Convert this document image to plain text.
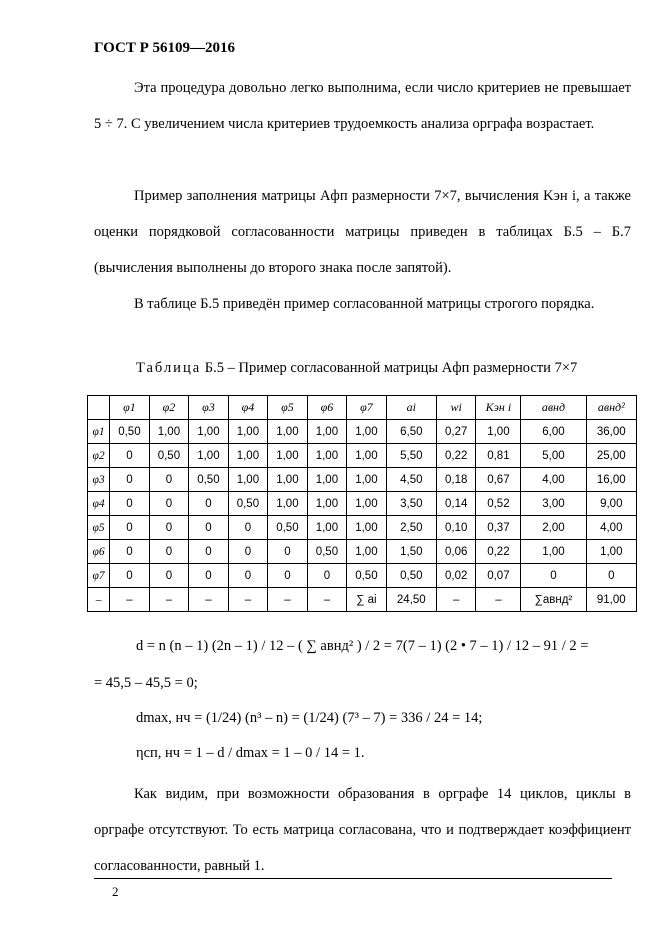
ГОСТ Р 56109—2016

Эта процедура довольно легко выполнима, если число критериев не превышает 5 ÷ 7. С увеличением числа критериев трудоемкость анализа орграфа возрастает.

Пример заполнения матрицы Aфп размерности 7×7, вычисления Kэн i, а также оценки порядковой согласованности матрицы приведен в таблицах Б.5 – Б.7 (вычисления выполнены до второго знака после запятой).

В таблице Б.5 приведён пример согласованной матрицы строгого порядка.

Таблица Б.5 – Пример согласованной матрицы Aфп размерности 7×7
	φ1	φ2	φ3	φ4	φ5	φ6	φ7	ai	wi	Kэн i	aвнд	aвнд²
φ1	0,50	1,00	1,00	1,00	1,00	1,00	1,00	6,50	0,27	1,00	6,00	36,00
φ2	0	0,50	1,00	1,00	1,00	1,00	1,00	5,50	0,22	0,81	5,00	25,00
φ3	0	0	0,50	1,00	1,00	1,00	1,00	4,50	0,18	0,67	4,00	16,00
φ4	0	0	0	0,50	1,00	1,00	1,00	3,50	0,14	0,52	3,00	9,00
φ5	0	0	0	0	0,50	1,00	1,00	2,50	0,10	0,37	2,00	4,00
φ6	0	0	0	0	0	0,50	1,00	1,50	0,06	0,22	1,00	1,00
φ7	0	0	0	0	0	0	0,50	0,50	0,02	0,07	0	0
–	–	–	–	–	–	–	∑ ai	24,50	–	–	∑aвнд²	91,00
d = n (n – 1) (2n – 1) / 12 – ( ∑ aвнд² ) / 2 = 7(7 – 1) (2 • 7 – 1) / 12 – 91 / 2 =
= 45,5 – 45,5 = 0;
dmax, нч = (1/24) (n³ – n) = (1/24) (7³ – 7) = 336 / 24 = 14;
ηсп, нч = 1 – d / dmax = 1 – 0 / 14 = 1.

Как видим, при возможности образования в орграфе 14 циклов, циклы в орграфе отсутствуют. То есть матрица согласована, что и подтверждает коэффициент согласованности, равный 1.

2
